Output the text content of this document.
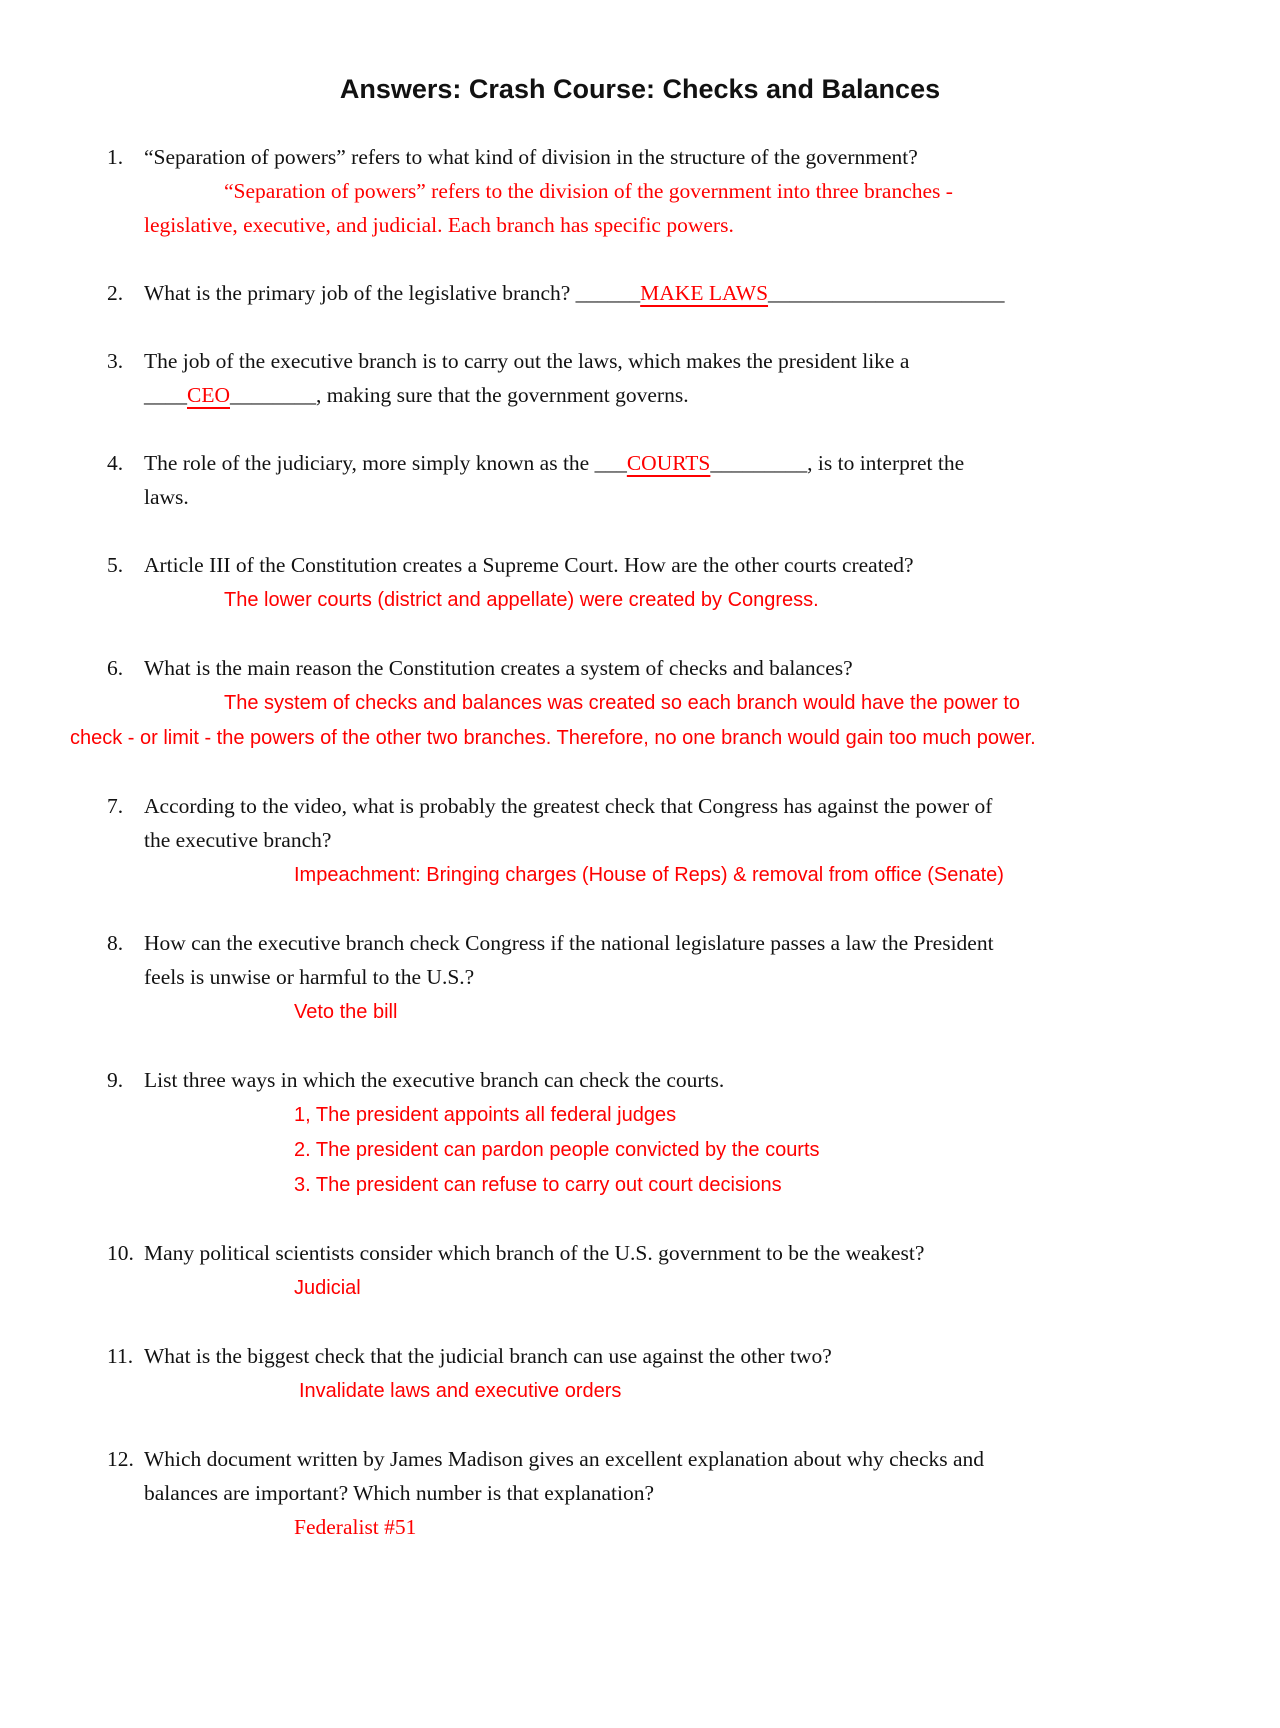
Answers: Crash Course: Checks and Balances
1. “Separation of powers” refers to what kind of division in the structure of the government?
“Separation of powers” refers to the division of the government into three branches -
legislative, executive, and judicial. Each branch has specific powers.
2. What is the primary job of the legislative branch? ______MAKE LAWS______________________
3. The job of the executive branch is to carry out the laws, which makes the president like a
____CEO________, making sure that the government governs.
4. The role of the judiciary, more simply known as the ___COURTS_________, is to interpret the
laws.
5. Article III of the Constitution creates a Supreme Court. How are the other courts created?
The lower courts (district and appellate) were created by Congress.
6. What is the main reason the Constitution creates a system of checks and balances?
The system of checks and balances was created so each branch would have the power to
check - or limit - the powers of the other two branches. Therefore, no one branch would gain too much power.
7. According to the video, what is probably the greatest check that Congress has against the power of
the executive branch?
Impeachment: Bringing charges (House of Reps) & removal from office (Senate)
8. How can the executive branch check Congress if the national legislature passes a law the President
feels is unwise or harmful to the U.S.?
Veto the bill
9. List three ways in which the executive branch can check the courts.
1, The president appoints all federal judges
2. The president can pardon people convicted by the courts
3. The president can refuse to carry out court decisions
10. Many political scientists consider which branch of the U.S. government to be the weakest?
Judicial
11. What is the biggest check that the judicial branch can use against the other two?
Invalidate laws and executive orders
12. Which document written by James Madison gives an excellent explanation about why checks and
balances are important? Which number is that explanation?
Federalist #51
